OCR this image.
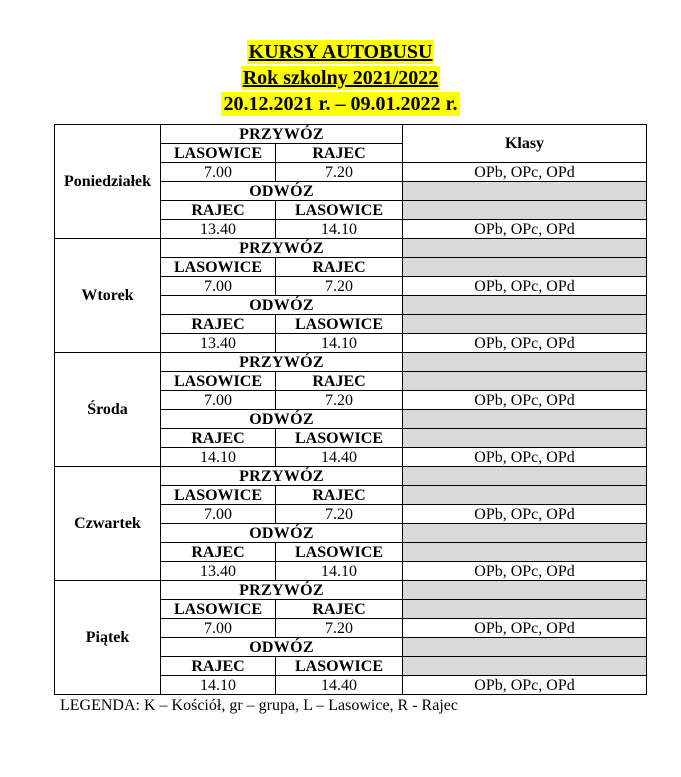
KURSY AUTOBUSU
Rok szkolny 2021/2022
20.12.2021 r. – 09.01.2022 r.
Poniedziałek	PRZYWÓZ		Klasy
	LASOWICE	RAJEC	
	7.00	7.20	OPb, OPc, OPd
	ODWÓZ		
	RAJEC	LASOWICE	
	13.40	14.10	OPb, OPc, OPd
Wtorek	PRZYWÓZ		
	LASOWICE	RAJEC	
	7.00	7.20	OPb, OPc, OPd
	ODWÓZ		
	RAJEC	LASOWICE	
	13.40	14.10	OPb, OPc, OPd
Środa	PRZYWÓZ		
	LASOWICE	RAJEC	
	7.00	7.20	OPb, OPc, OPd
	ODWÓZ		
	RAJEC	LASOWICE	
	14.10	14.40	OPb, OPc, OPd
Czwartek	PRZYWÓZ		
	LASOWICE	RAJEC	
	7.00	7.20	OPb, OPc, OPd
	ODWÓZ		
	RAJEC	LASOWICE	
	13.40	14.10	OPb, OPc, OPd
Piątek	PRZYWÓZ		
	LASOWICE	RAJEC	
	7.00	7.20	OPb, OPc, OPd
	ODWÓZ		
	RAJEC	LASOWICE	
	14.10	14.40	OPb, OPc, OPd
LEGENDA: K – Kościół, gr – grupa, L – Lasowice, R - Rajec
